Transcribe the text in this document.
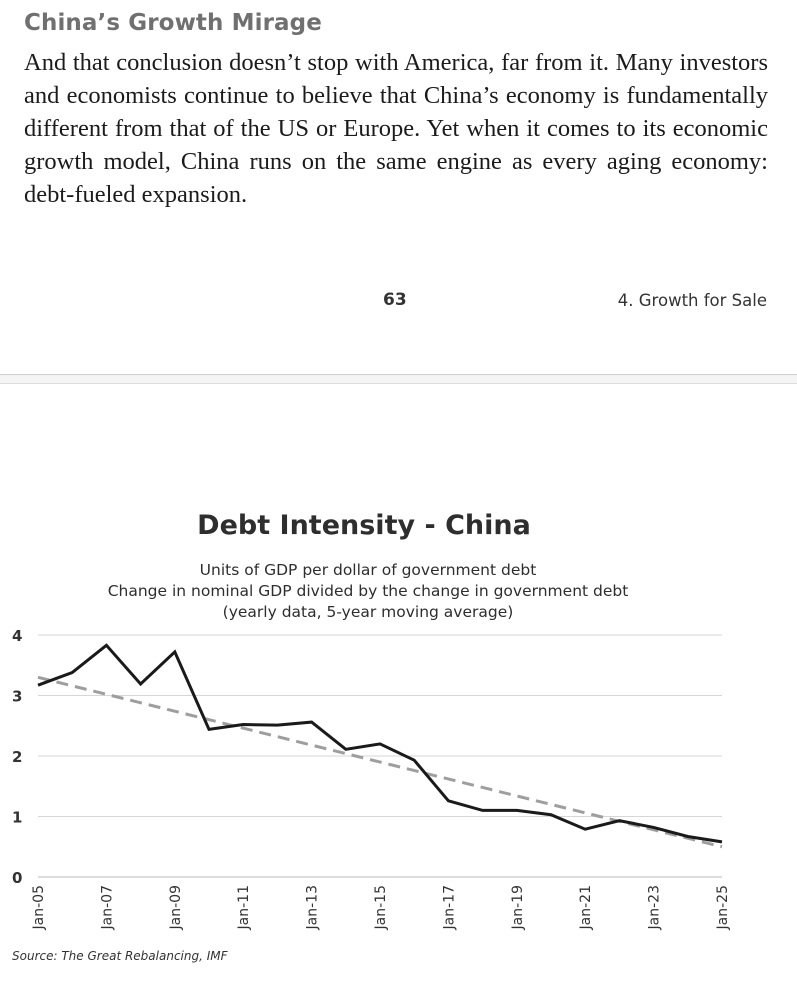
China’s Growth Mirage

And that conclusion doesn’t stop with America, far from it. Many investors and economists continue to believe that China’s economy is fundamentally different from that of the US or Europe. Yet when it comes to its economic growth model, China runs on the same engine as every aging economy: debt-fueled expansion.

63	4. Growth for Sale
Debt Intensity - China
Units of GDP per dollar of government debt
Change in nominal GDP divided by the change in government debt
(yearly data, 5-year moving average)
0
1
2
3
4
Jan-05	Jan-07	Jan-09	Jan-11	Jan-13	Jan-15	Jan-17	Jan-19	Jan-21	Jan-23	Jan-25
Source: The Great Rebalancing, IMF
